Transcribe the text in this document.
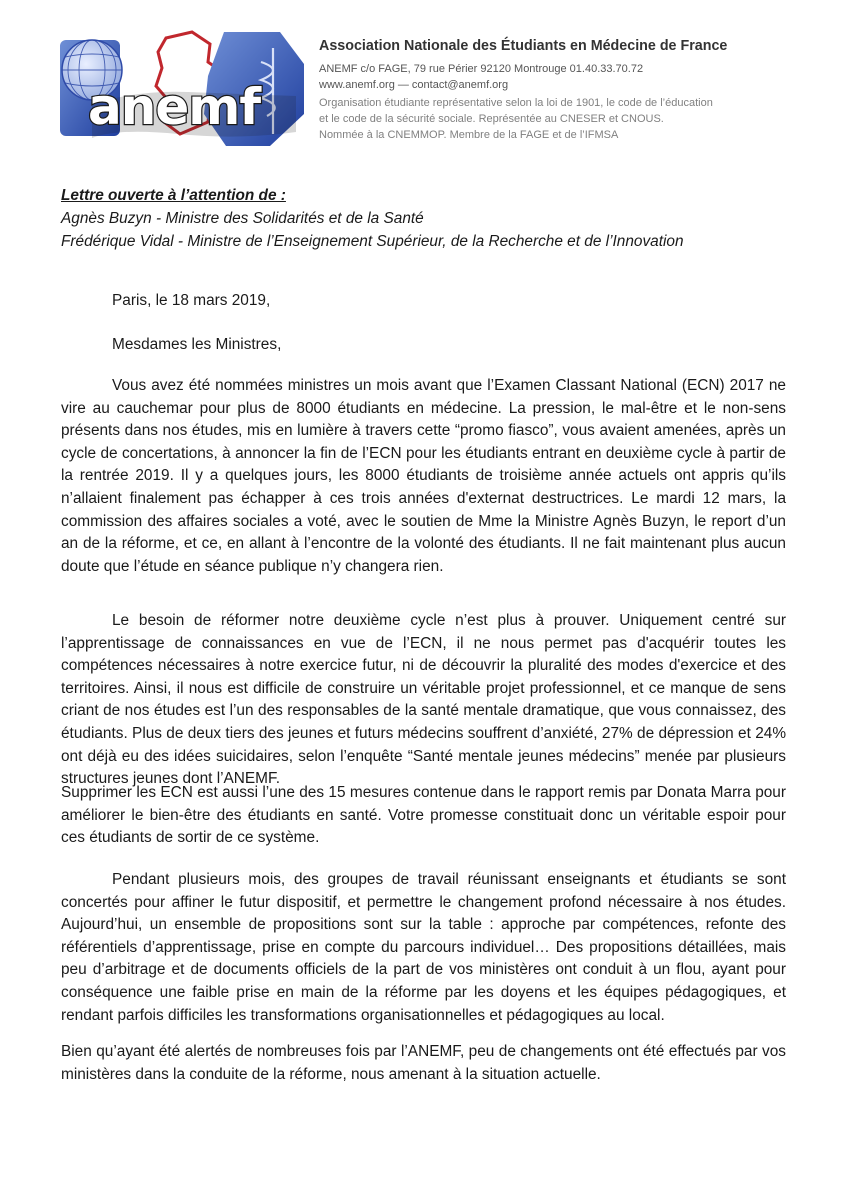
anemf

Association Nationale des Étudiants en Médecine de France

ANEMF c/o FAGE, 79 rue Périer 92120 Montrouge 01.40.33.70.72

www.anemf.org — contact@anemf.org

Organisation étudiante représentative selon la loi de 1901, le code de l’éducation

et le code de la sécurité sociale. Représentée au CNESER et CNOUS.

Nommée à la CNEMMOP. Membre de la FAGE et de l’IFMSA

Lettre ouverte à l’attention de :

Agnès Buzyn - Ministre des Solidarités et de la Santé

Frédérique Vidal - Ministre de l’Enseignement Supérieur, de la Recherche et de l’Innovation

Paris, le 18 mars 2019,

Mesdames les Ministres,

Vous avez été nommées ministres un mois avant que l’Examen Classant National (ECN) 2017 ne vire au cauchemar pour plus de 8000 étudiants en médecine. La pression, le mal-être et le non-sens présents dans nos études, mis en lumière à travers cette “promo fiasco”, vous avaient amenées, après un cycle de concertations, à annoncer la fin de l’ECN pour les étudiants entrant en deuxième cycle à partir de la rentrée 2019. Il y a quelques jours, les 8000 étudiants de troisième année actuels ont appris qu’ils n’allaient finalement pas échapper à ces trois années d'externat destructrices. Le mardi 12 mars, la commission des affaires sociales a voté, avec le soutien de Mme la Ministre Agnès Buzyn, le report d’un an de la réforme, et ce, en allant à l’encontre de la volonté des étudiants. Il ne fait maintenant plus aucun doute que l’étude en séance publique n’y changera rien.

Le besoin de réformer notre deuxième cycle n’est plus à prouver. Uniquement centré sur l’apprentissage de connaissances en vue de l’ECN, il ne nous permet pas d'acquérir toutes les compétences nécessaires à notre exercice futur, ni de découvrir la pluralité des modes d'exercice et des territoires. Ainsi, il nous est difficile de construire un véritable projet professionnel, et ce manque de sens criant de nos études est l’un des responsables de la santé mentale dramatique, que vous connaissez, des étudiants. Plus de deux tiers des jeunes et futurs médecins souffrent d’anxiété, 27% de dépression et 24% ont déjà eu des idées suicidaires, selon l’enquête “Santé mentale jeunes médecins” menée par plusieurs structures jeunes dont l’ANEMF.

Supprimer les ECN est aussi l’une des 15 mesures contenue dans le rapport remis par Donata Marra pour améliorer le bien-être des étudiants en santé. Votre promesse constituait donc un véritable espoir pour ces étudiants de sortir de ce système.

Pendant plusieurs mois, des groupes de travail réunissant enseignants et étudiants se sont concertés pour affiner le futur dispositif, et permettre le changement profond nécessaire à nos études. Aujourd’hui, un ensemble de propositions sont sur la table : approche par compétences, refonte des référentiels d’apprentissage, prise en compte du parcours individuel… Des propositions détaillées, mais peu d’arbitrage et de documents officiels de la part de vos ministères ont conduit à un flou, ayant pour conséquence une faible prise en main de la réforme par les doyens et les équipes pédagogiques, et rendant parfois difficiles les transformations organisationnelles et pédagogiques au local.

Bien qu’ayant été alertés de nombreuses fois par l’ANEMF, peu de changements ont été effectués par vos ministères dans la conduite de la réforme, nous amenant à la situation actuelle.
